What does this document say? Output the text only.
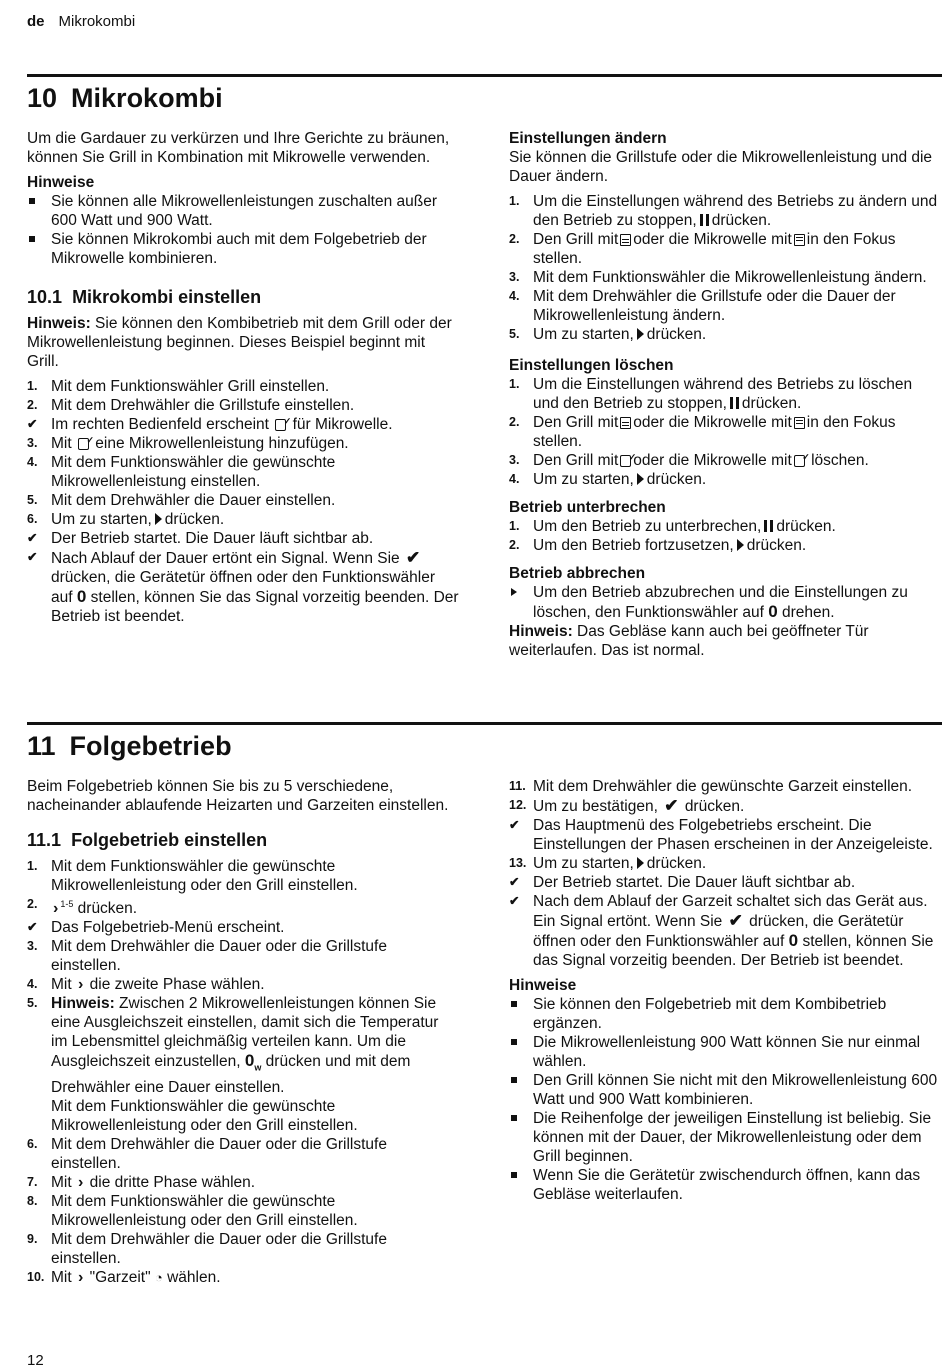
de Mikrokombi
10 Mikrokombi

Um die Gardauer zu verkürzen und Ihre Gerichte zu bräunen, können Sie Grill in Kombination mit Mikrowelle verwenden.

Hinweise

Sie können alle Mikrowellenleistungen zuschalten außer 600 Watt und 900 Watt.
Sie können Mikrokombi auch mit dem Folgebetrieb der Mikrowelle kombinieren.

10.1 Mikrokombi einstellen

Hinweis: Sie können den Kombibetrieb mit dem Grill oder der Mikrowellenleistung beginnen. Dieses Beispiel beginnt mit Grill.

1. Mit dem Funktionswähler Grill einstellen.
2. Mit dem Drehwähler die Grillstufe einstellen.
✔ Im rechten Bedienfeld erscheint ✓ für Mikrowelle.
3. Mit ✓ eine Mikrowellenleistung hinzufügen.
4. Mit dem Funktionswähler die gewünschte Mikrowellenleistung einstellen.
5. Mit dem Drehwähler die Dauer einstellen.
6. Um zu starten, drücken.
✔ Der Betrieb startet. Die Dauer läuft sichtbar ab.
✔ Nach Ablauf der Dauer ertönt ein Signal. Wenn Sie ✔ drücken, die Gerätetür öffnen oder den Funktionswähler auf 0 stellen, können Sie das Signal vorzeitig beenden. Der Betrieb ist beendet.

Einstellungen ändern

Sie können die Grillstufe oder die Mikrowellenleistung und die Dauer ändern.

1. Um die Einstellungen während des Betriebs zu ändern und den Betrieb zu stoppen, drücken.
2. Den Grill mit oder die Mikrowelle mit in den Fokus stellen.
3. Mit dem Funktionswähler die Mikrowellenleistung ändern.
4. Mit dem Drehwähler die Grillstufe oder die Dauer der Mikrowellenleistung ändern.
5. Um zu starten, drücken.

Einstellungen löschen

1. Um die Einstellungen während des Betriebs zu löschen und den Betrieb zu stoppen, drücken.
2. Den Grill mit oder die Mikrowelle mit in den Fokus stellen.
3. Den Grill mit ✓ oder die Mikrowelle mit ✓ löschen.
4. Um zu starten, drücken.

Betrieb unterbrechen

1. Um den Betrieb zu unterbrechen, drücken.
2. Um den Betrieb fortzusetzen, drücken.

Betrieb abbrechen

Um den Betrieb abzubrechen und die Einstellungen zu löschen, den Funktionswähler auf 0 drehen.

Hinweis: Das Gebläse kann auch bei geöffneter Tür weiterlaufen. Das ist normal.

11 Folgebetrieb

Beim Folgebetrieb können Sie bis zu 5 verschiedene, nacheinander ablaufende Heizarten und Garzeiten einstellen.

11.1 Folgebetrieb einstellen

1. Mit dem Funktionswähler die gewünschte Mikrowellenleistung oder den Grill einstellen.
2. › $^{1-5}$ drücken.
✔ Das Folgebetrieb-Menü erscheint.
3. Mit dem Drehwähler die Dauer oder die Grillstufe einstellen.
4. Mit › die zweite Phase wählen.
5. Hinweis: Zwischen 2 Mikrowellenleistungen können Sie eine Ausgleichszeit einstellen, damit sich die Temperatur im Lebensmittel gleichmäßig verteilen kann. Um die Ausgleichszeit einzustellen, $0_w$ drücken und mit dem Drehwähler eine Dauer einstellen.
Mit dem Funktionswähler die gewünschte Mikrowellenleistung oder den Grill einstellen.
6. Mit dem Drehwähler die Dauer oder die Grillstufe einstellen.
7. Mit › die dritte Phase wählen.
8. Mit dem Funktionswähler die gewünschte Mikrowellenleistung oder den Grill einstellen.
9. Mit dem Drehwähler die Dauer oder die Grillstufe einstellen.
10. Mit › "Garzeit" ◔ wählen.
11. Mit dem Drehwähler die gewünschte Garzeit einstellen.
12. Um zu bestätigen, ✔ drücken.
✔ Das Hauptmenü des Folgebetriebs erscheint. Die Einstellungen der Phasen erscheinen in der Anzeigeleiste.
13. Um zu starten, drücken.
✔ Der Betrieb startet. Die Dauer läuft sichtbar ab.
✔ Nach dem Ablauf der Garzeit schaltet sich das Gerät aus. Ein Signal ertönt. Wenn Sie ✔ drücken, die Gerätetür öffnen oder den Funktionswähler auf 0 stellen, können Sie das Signal vorzeitig beenden. Der Betrieb ist beendet.

Hinweise

Sie können den Folgebetrieb mit dem Kombibetrieb ergänzen.
Die Mikrowellenleistung 900 Watt können Sie nur einmal wählen.
Den Grill können Sie nicht mit den Mikrowellenleistung 600 Watt und 900 Watt kombinieren.
Die Reihenfolge der jeweiligen Einstellung ist beliebig. Sie können mit der Dauer, der Mikrowellenleistung oder dem Grill beginnen.
Wenn Sie die Gerätetür zwischendurch öffnen, kann das Gebläse weiterlaufen.
12
